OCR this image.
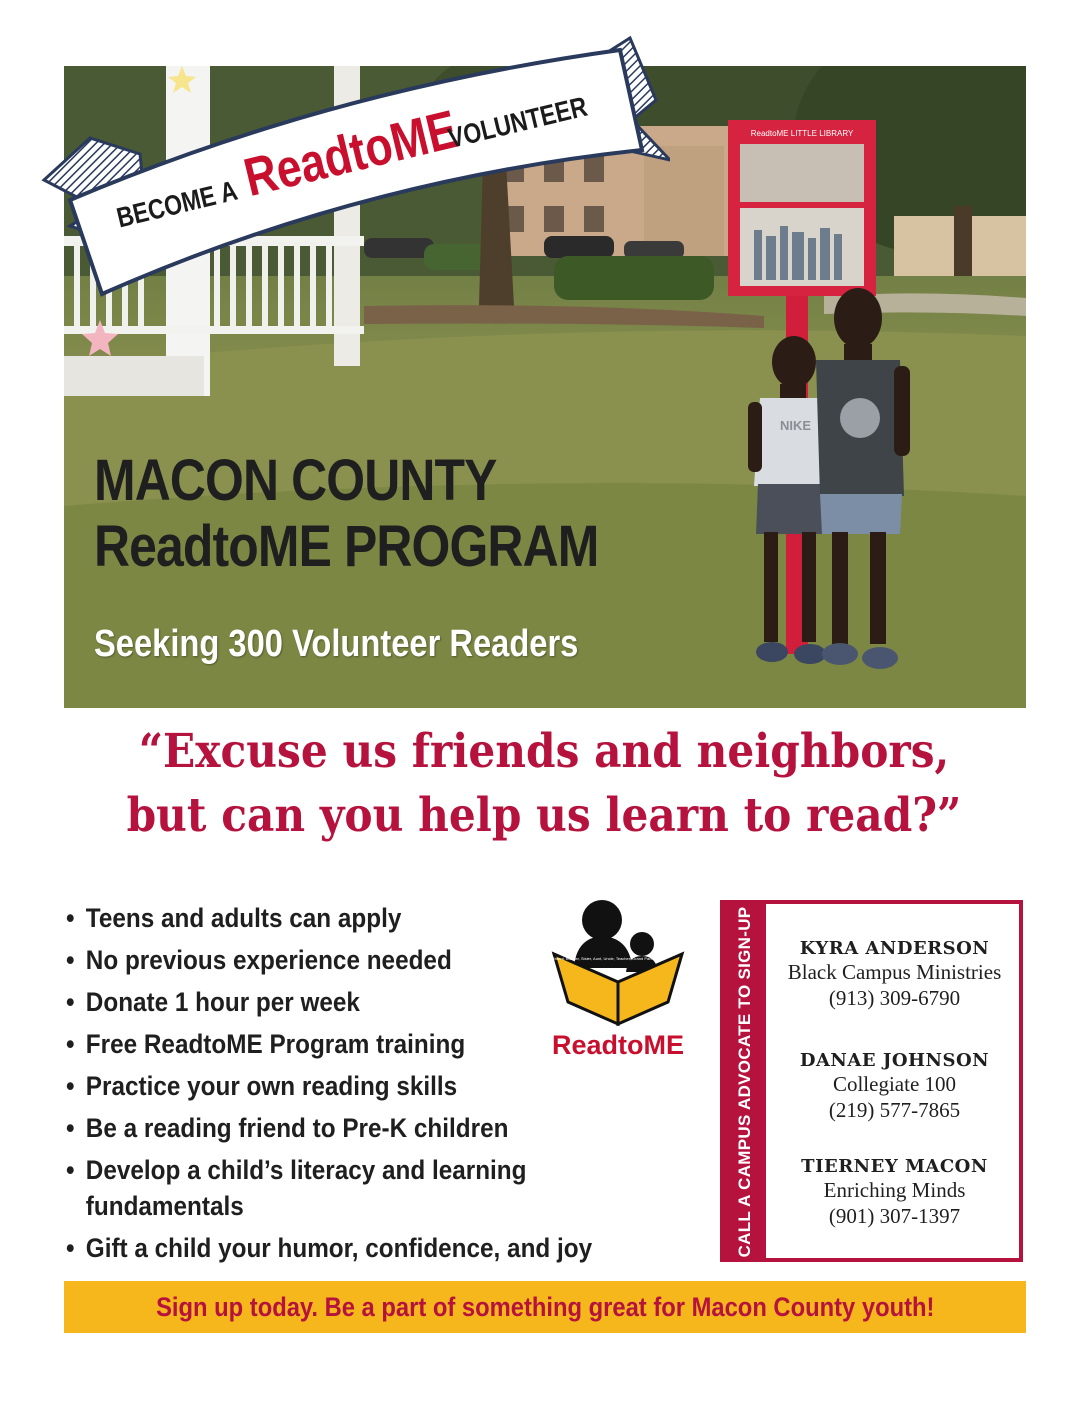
ReadtoME LITTLE LIBRARY
NIKE
MACON COUNTY
ReadtoME PROGRAM
Seeking 300 Volunteer Readers
BECOME A ReadtoME VOLUNTEER
“Excuse us friends and neighbors,
but can you help us learn to read?”
• Teens and adults can apply
• No previous experience needed
• Donate 1 hour per week
• Free ReadtoME Program training
• Practice your own reading skills
• Be a reading friend to Pre-K children
• Develop a child’s literacy and learning fundamentals
• Gift a child your humor, confidence, and joy
Parent, Brother, Sister, Aunt, Uncle, Teacher, Grand Parent
ReadtoME	CALL A CAMPUS ADVOCATE TO SIGN-UP	KYRA ANDERSON
Black Campus Ministries
(913) 309-6790
DANAE JOHNSON
Collegiate 100
(219) 577-7865
TIERNEY MACON
Enriching Minds
(901) 307-1397
Sign up today. Be a part of something great for Macon County youth!
